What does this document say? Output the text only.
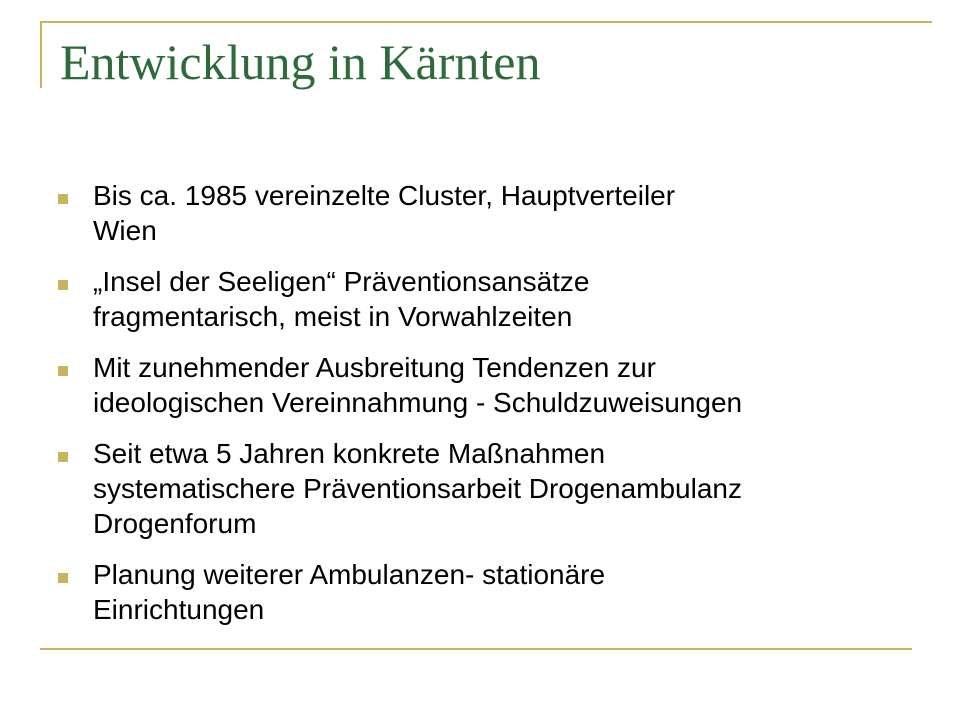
Entwicklung in Kärnten
Bis ca. 1985 vereinzelte Cluster, Hauptverteiler
Wien
„Insel der Seeligen“ Präventionsansätze
fragmentarisch, meist in Vorwahlzeiten
Mit zunehmender Ausbreitung Tendenzen zur
ideologischen Vereinnahmung - Schuldzuweisungen
Seit etwa 5 Jahren konkrete Maßnahmen
systematischere Präventionsarbeit Drogenambulanz
Drogenforum
Planung weiterer Ambulanzen- stationäre
Einrichtungen
